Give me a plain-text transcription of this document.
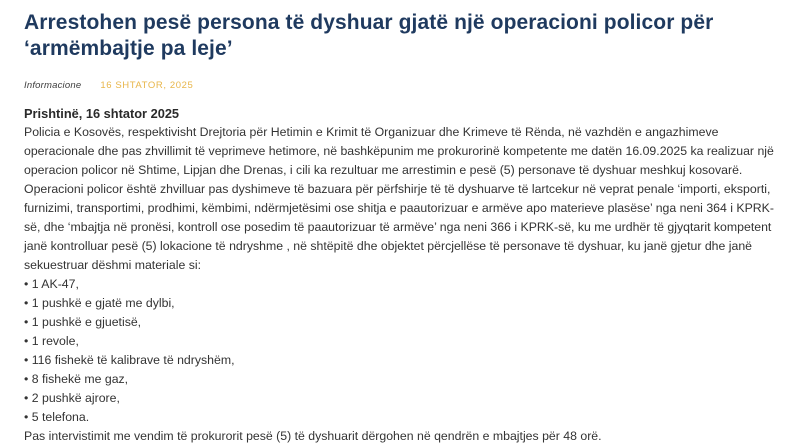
Arrestohen pesë persona të dyshuar gjatë një operacioni policor për ‘armëmbajtje pa leje’
Informacione 16 SHTATOR, 2025
Prishtinë, 16 shtator 2025
Policia e Kosovës, respektivisht Drejtoria për Hetimin e Krimit të Organizuar dhe Krimeve të Rënda, në vazhdën e angazhimeve operacionale dhe pas zhvillimit të veprimeve hetimore, në bashkëpunim me prokurorinë kompetente me datën 16.09.2025 ka realizuar një operacion policor në Shtime, Lipjan dhe Drenas, i cili ka rezultuar me arrestimin e pesë (5) personave të dyshuar meshkuj kosovarë.
Operacioni policor është zhvilluar pas dyshimeve të bazuara për përfshirje të të dyshuarve të lartcekur në veprat penale ‘importi, eksporti, furnizimi, transportimi, prodhimi, këmbimi, ndërmjetësimi ose shitja e paautorizuar e armëve apo materieve plasëse’ nga neni 364 i KPRK-së, dhe ‘mbajtja në pronësi, kontroll ose posedim të paautorizuar të armëve’ nga neni 366 i KPRK-së, ku me urdhër të gjyqtarit kompetent janë kontrolluar pesë (5) lokacione të ndryshme , në shtëpitë dhe objektet përcjellëse të personave të dyshuar, ku janë gjetur dhe janë sekuestruar dëshmi materiale si:
• 1 AK-47,
• 1 pushkë e gjatë me dylbi,
• 1 pushkë e gjuetisë,
• 1 revole,
• 116 fishekë të kalibrave të ndryshëm,
• 8 fishekë me gaz,
• 2 pushkë ajrore,
• 5 telefona.
Pas intervistimit me vendim të prokurorit pesë (5) të dyshuarit dërgohen në qendrën e mbajtjes për 48 orë.
